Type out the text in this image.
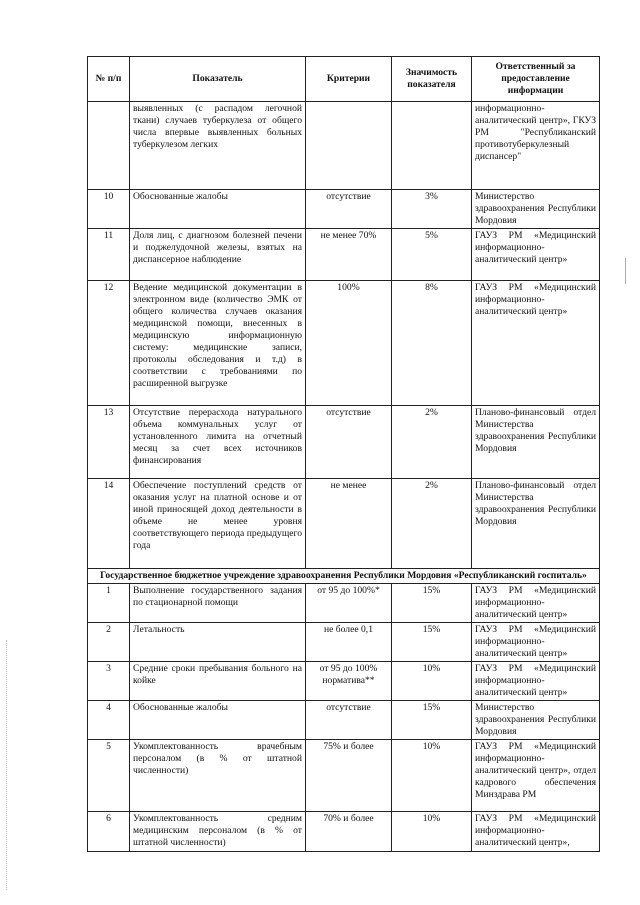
№ п/п	Показатель	Критерии	Значимость показателя	Ответственный за предоставление информации
	выявленных (с распадом легочной ткани) случаев туберкулеза от общего числа впервые выявленных больных туберкулезом легких			информационно-аналитический центр», ГКУЗ РМ "Республиканский противотуберкулезный диспансер"
10	Обоснованные жалобы	отсутствие	3%	Министерство здравоохранения Республики Мордовия
11	Доля лиц, с диагнозом болезней печени и поджелудочной железы, взятых на диспансерное наблюдение	не менее 70%	5%	ГАУЗ РМ «Медицинский информационно-аналитический центр»
12	Ведение медицинской документации в электронном виде (количество ЭМК от общего количества случаев оказания медицинской помощи, внесенных в медицинскую информационную систему: медицинские записи, протоколы обследования и т.д) в соответствии с требованиями по расширенной выгрузке	100%	8%	ГАУЗ РМ «Медицинский информационно-аналитический центр»
13	Отсутствие перерасхода натурального объема коммунальных услуг от установленного лимита на отчетный месяц за счет всех источников финансирования	отсутствие	2%	Планово-финансовый отдел Министерства здравоохранения Республики Мордовия
14	Обеспечение поступлений средств от оказания услуг на платной основе и от иной приносящей доход деятельности в объеме не менее уровня соответствующего периода предыдущего года	не менее	2%	Планово-финансовый отдел Министерства здравоохранения Республики Мордовия
Государственное бюджетное учреждение здравоохранения Республики Мордовия «Республиканский госпиталь»				
1	Выполнение государственного задания по стационарной помощи	от 95 до 100%*	15%	ГАУЗ РМ «Медицинский информационно-аналитический центр»
2	Летальность	не более 0,1	15%	ГАУЗ РМ «Медицинский информационно-аналитический центр»
3	Средние сроки пребывания больного на койке	от 95 до 100% норматива**	10%	ГАУЗ РМ «Медицинский информационно-аналитический центр»
4	Обоснованные жалобы	отсутствие	15%	Министерство здравоохранения Республики Мордовия
5	Укомплектованность врачебным персоналом (в % от штатной численности)	75% и более	10%	ГАУЗ РМ «Медицинский информационно-аналитический центр», отдел кадрового обеспечения Минздрава РМ
6	Укомплектованность средним медицинским персоналом (в % от штатной численности)	70% и более	10%	ГАУЗ РМ «Медицинский информационно-аналитический центр»,
